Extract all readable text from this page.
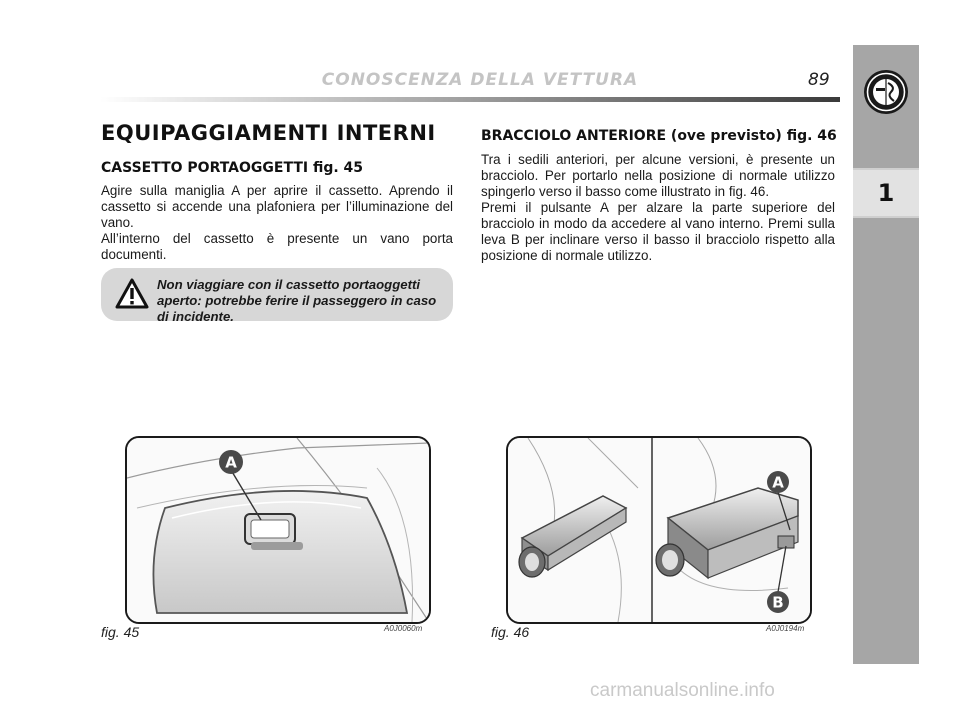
CONOSCENZA DELLA VETTURA	89
1
EQUIPAGGIAMENTI INTERNI
CASSETTO PORTAOGGETTI fig. 45

Agire sulla maniglia A per aprire il cassetto. Aprendo il cassetto si accende una plafoniera per l’illuminazione del vano.

All’interno del cassetto è presente un vano porta documenti.

Non viaggiare con il cassetto portaoggetti aperto: potrebbe ferire il passeggero in caso di incidente.
BRACCIOLO ANTERIORE (ove previsto) fig. 46

Tra i sedili anteriori, per alcune versioni, è presente un bracciolo. Per portarlo nella posizione di normale utilizzo spingerlo verso il basso come illustrato in fig. 46.

Premi il pulsante A per alzare la parte superiore del bracciolo in modo da accedere al vano interno. Premi sulla leva B per inclinare verso il basso il bracciolo rispetto alla posizione di normale utilizzo.

A
fig. 45	A0J0060m
A
B
fig. 46	A0J0194m
carmanualsonline.info
